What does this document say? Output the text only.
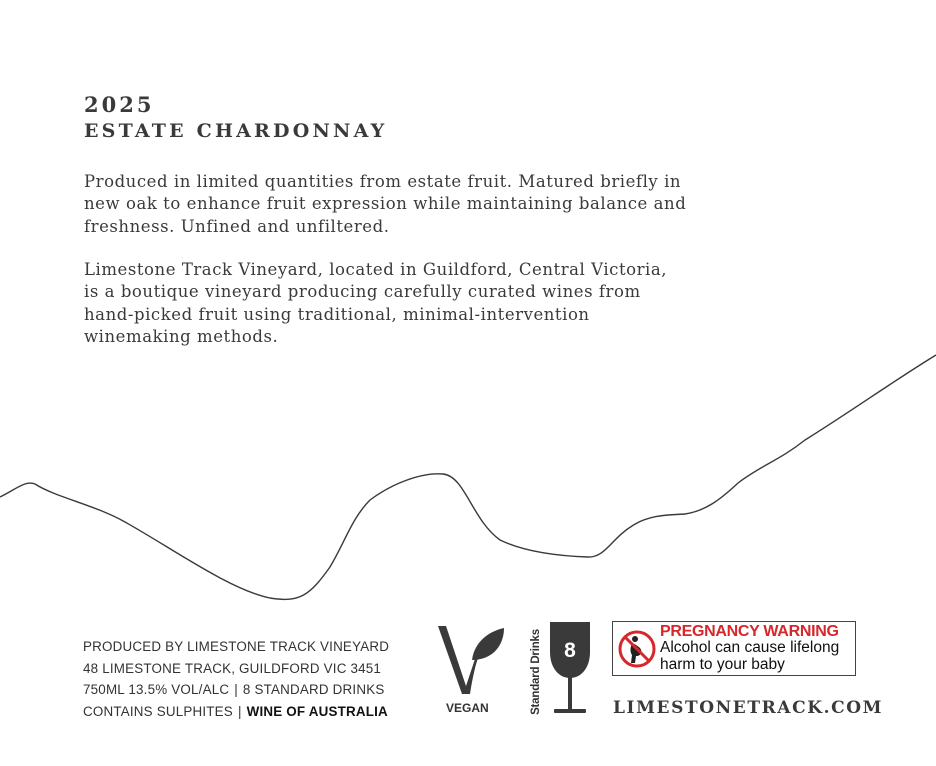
2025
ESTATE CHARDONNAY
Produced in limited quantities from estate fruit. Matured briefly in
new oak to enhance fruit expression while maintaining balance and
freshness. Unfined and unfiltered.
Limestone Track Vineyard, located in Guildford, Central Victoria,
is a boutique vineyard producing carefully curated wines from
hand-picked fruit using traditional, minimal-intervention
winemaking methods.
PRODUCED BY LIMESTONE TRACK VINEYARD
48 LIMESTONE TRACK, GUILDFORD VIC 3451
750ML 13.5% VOL/ALC | 8 STANDARD DRINKS
CONTAINS SULPHITES | WINE OF AUSTRALIA	VEGAN	Standard Drinks 8
PREGNANCY WARNING
Alcohol can cause lifelong
harm to your baby
LIMESTONETRACK.COM
